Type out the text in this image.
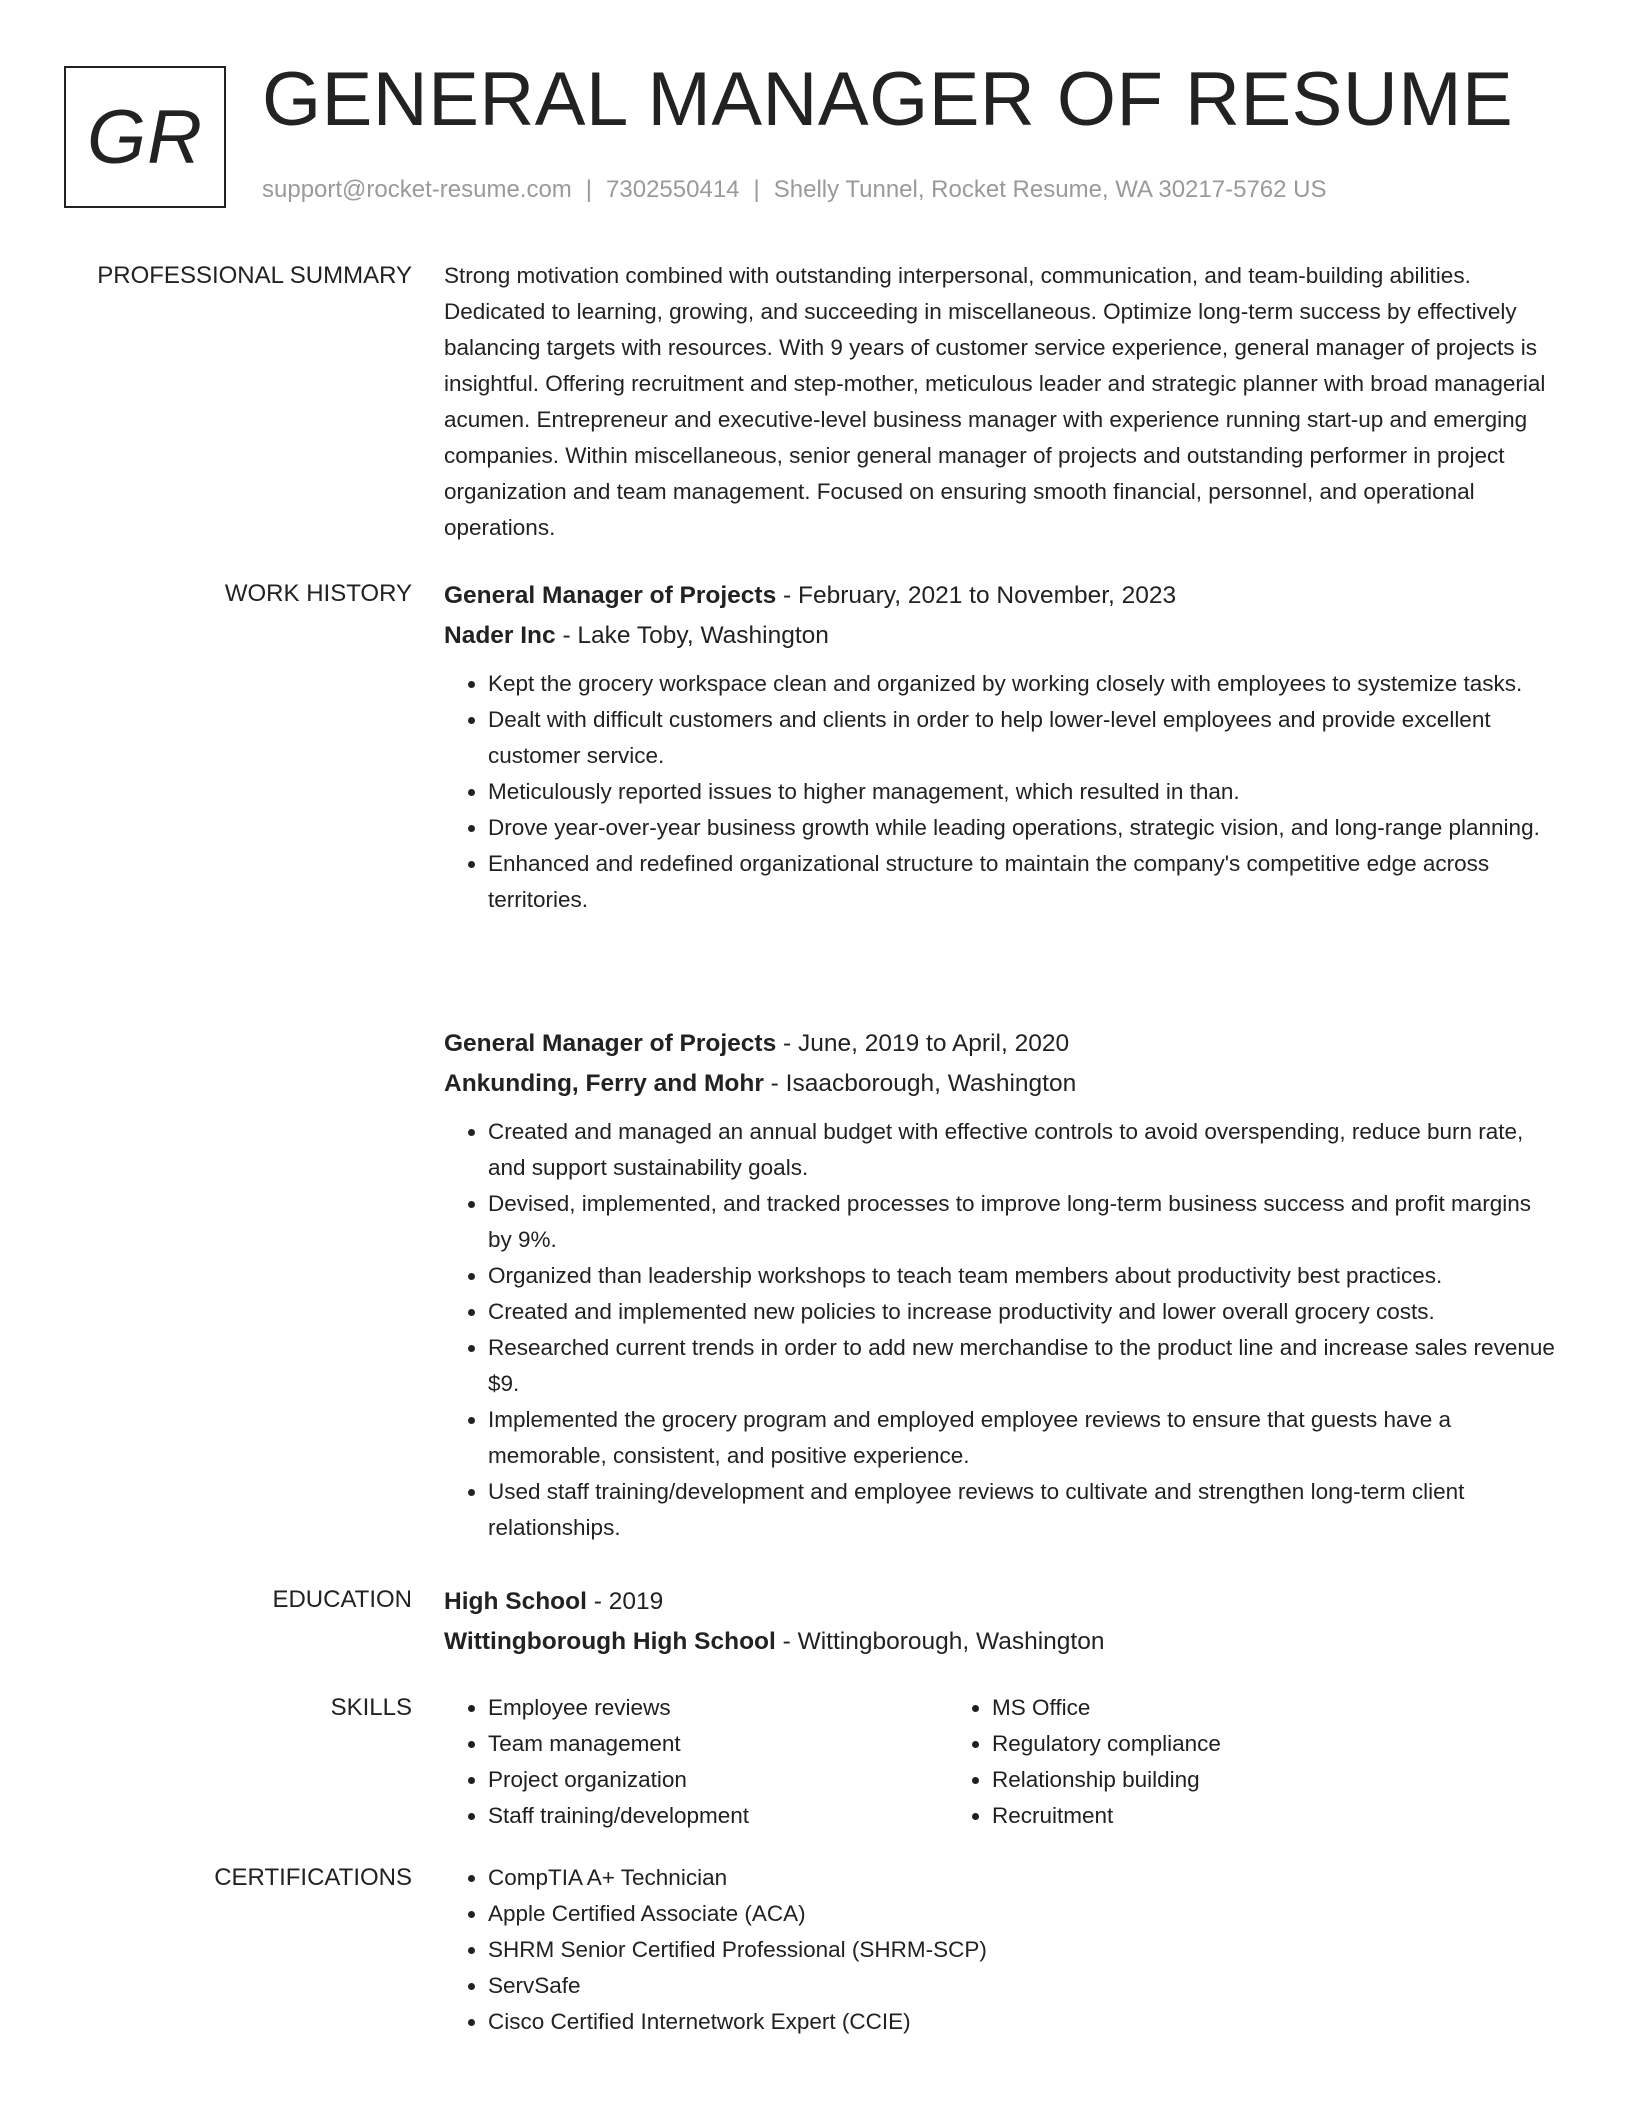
GR GENERAL MANAGER OF RESUME
support@rocket-resume.com | 7302550414 | Shelly Tunnel, Rocket Resume, WA 30217-5762 US
PROFESSIONAL SUMMARY Strong motivation combined with outstanding interpersonal, communication, and team-building abilities. Dedicated to learning, growing, and succeeding in miscellaneous. Optimize long-term success by effectively balancing targets with resources. With 9 years of customer service experience, general manager of projects is insightful. Offering recruitment and step-mother, meticulous leader and strategic planner with broad managerial acumen. Entrepreneur and executive-level business manager with experience running start-up and emerging companies. Within miscellaneous, senior general manager of projects and outstanding performer in project organization and team management. Focused on ensuring smooth financial, personnel, and operational operations.

WORK HISTORY General Manager of Projects - February, 2021 to November, 2023

Nader Inc - Lake Toby, Washington

• Kept the grocery workspace clean and organized by working closely with employees to systemize tasks.
• Dealt with difficult customers and clients in order to help lower-level employees and provide excellent customer service.
• Meticulously reported issues to higher management, which resulted in than.
• Drove year-over-year business growth while leading operations, strategic vision, and long-range planning.
• Enhanced and redefined organizational structure to maintain the company's competitive edge across territories.

General Manager of Projects - June, 2019 to April, 2020

Ankunding, Ferry and Mohr - Isaacborough, Washington

• Created and managed an annual budget with effective controls to avoid overspending, reduce burn rate, and support sustainability goals.
• Devised, implemented, and tracked processes to improve long-term business success and profit margins by 9%.
• Organized than leadership workshops to teach team members about productivity best practices.
• Created and implemented new policies to increase productivity and lower overall grocery costs.
• Researched current trends in order to add new merchandise to the product line and increase sales revenue $9.
• Implemented the grocery program and employed employee reviews to ensure that guests have a memorable, consistent, and positive experience.
• Used staff training/development and employee reviews to cultivate and strengthen long-term client relationships.
EDUCATION High School - 2019

Wittingborough High School - Wittingborough, Washington

SKILLS	• Employee reviews
• Team management
• Project organization
• Staff training/development
• MS Office
• Regulatory compliance
• Relationship building
• Recruitment
CERTIFICATIONS	• CompTIA A+ Technician
• Apple Certified Associate (ACA)
• SHRM Senior Certified Professional (SHRM-SCP)
• ServSafe
• Cisco Certified Internetwork Expert (CCIE)
